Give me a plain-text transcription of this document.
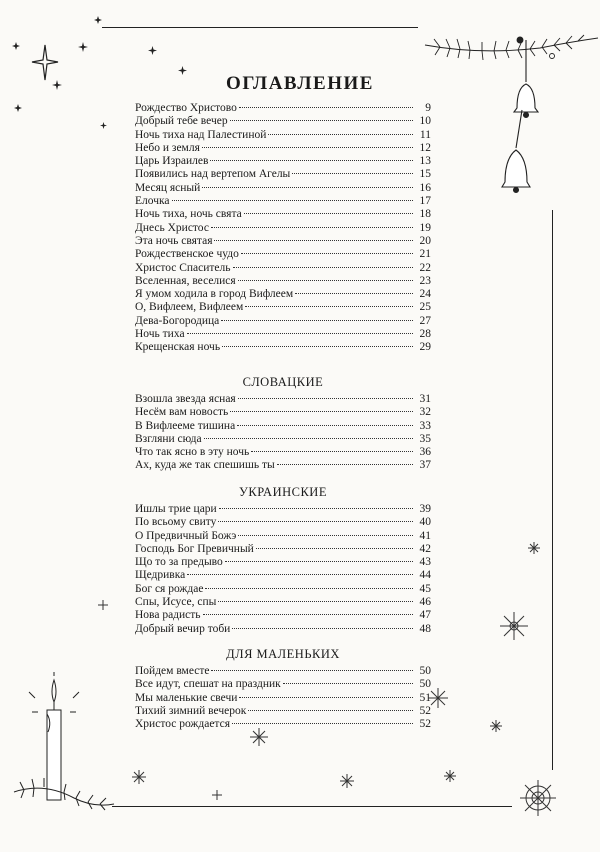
ОГЛАВЛЕНИЕ
Рождество Христово	9
Добрый тебе вечер	10
Ночь тиха над Палестиной	11
Небо и земля	12
Царь Израилев	13
Появились над вертепом Агелы	15
Месяц ясный	16
Елочка	17
Ночь тиха, ночь свята	18
Днесь Христос	19
Эта ночь святая	20
Рождественское чудо	21
Христос Спаситель	22
Вселенная, веселися	23
Я умом ходила в город Вифлеем	24
О, Вифлеем, Вифлеем	25
Дева-Богородица	27
Ночь тиха	28
Крещенская ночь	29
СЛОВАЦКИЕ
Взошла звезда ясная	31
Несём вам новость	32
В Вифлееме тишина	33
Взгляни сюда	35
Что так ясно в эту ночь	36
Ах, куда же так спешишь ты	37
УКРАИНСКИЕ
Ишлы трие цари	39
По всьому свиту	40
О Предвичный Божэ	41
Господь Бог Превичный	42
Що то за предыво	43
Щедривка	44
Бог ся рождае	45
Спы, Исусе, спы	46
Нова радисть	47
Добрый вечир тоби	48
ДЛЯ МАЛЕНЬКИХ
Пойдем вместе	50
Все идут, спешат на праздник	50
Мы маленькие свечи	51
Тихий зимний вечерок	52
Христос рождается	52
